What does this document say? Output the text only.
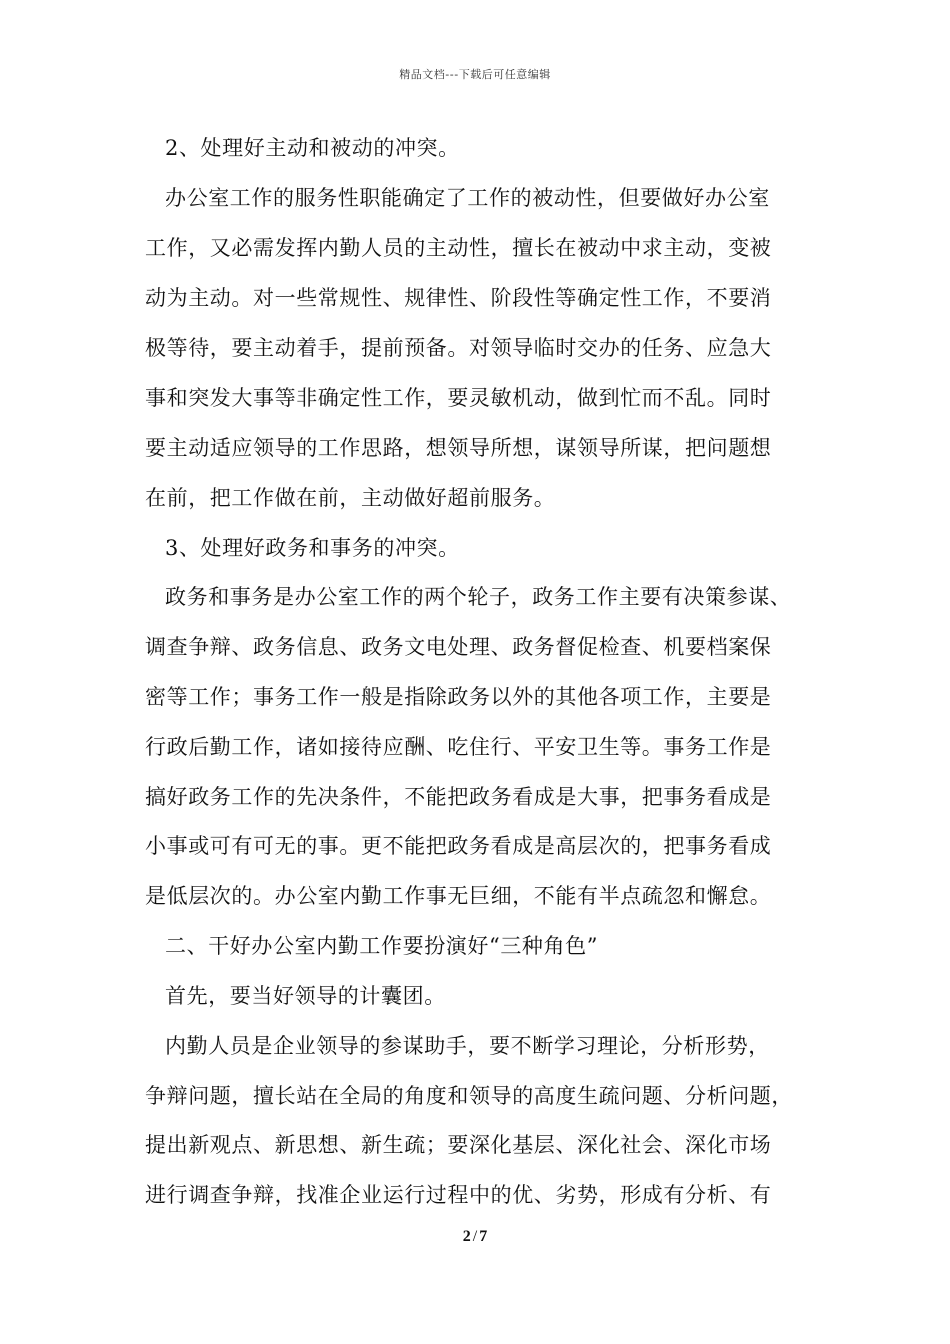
精品文档---下载后可任意编辑
2、处理好主动和被动的冲突。
办公室工作的服务性职能确定了工作的被动性，但要做好办公室
工作，又必需发挥内勤人员的主动性，擅长在被动中求主动，变被
动为主动。对一些常规性、规律性、阶段性等确定性工作，不要消
极等待，要主动着手，提前预备。对领导临时交办的任务、应急大
事和突发大事等非确定性工作，要灵敏机动，做到忙而不乱。同时
要主动适应领导的工作思路，想领导所想，谋领导所谋，把问题想
在前，把工作做在前，主动做好超前服务。
3、处理好政务和事务的冲突。
政务和事务是办公室工作的两个轮子，政务工作主要有决策参谋、
调查争辩、政务信息、政务文电处理、政务督促检查、机要档案保
密等工作；事务工作一般是指除政务以外的其他各项工作，主要是
行政后勤工作，诸如接待应酬、吃住行、平安卫生等。事务工作是
搞好政务工作的先决条件，不能把政务看成是大事，把事务看成是
小事或可有可无的事。更不能把政务看成是高层次的，把事务看成
是低层次的。办公室内勤工作事无巨细，不能有半点疏忽和懈怠。
二、干好办公室内勤工作要扮演好“三种角色”
首先，要当好领导的计囊团。
内勤人员是企业领导的参谋助手，要不断学习理论，分析形势，
争辩问题，擅长站在全局的角度和领导的高度生疏问题、分析问题，
提出新观点、新思想、新生疏；要深化基层、深化社会、深化市场
进行调查争辩，找准企业运行过程中的优、劣势，形成有分析、有
2 / 7
